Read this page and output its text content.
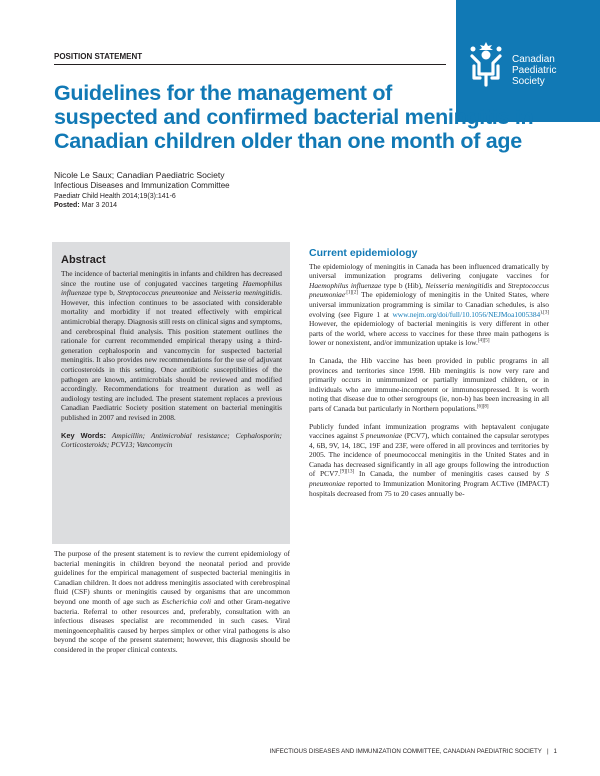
Canadian
Paediatric
Society
POSITION STATEMENT
Guidelines for the management of
suspected and confirmed bacterial meningitis in
Canadian children older than one month of age
Nicole Le Saux; Canadian Paediatric Society
Infectious Diseases and Immunization Committee
Paediatr Child Health 2014;19(3):141-6
Posted: Mar 3 2014
Abstract

The incidence of bacterial meningitis in infants and children has decreased since the routine use of conjugated vaccines targeting Haemophilus influenzae type b, Streptococcus pneumoniae and Neisseria meningitidis. However, this infection continues to be associated with considerable mortality and morbidity if not treated effectively with empirical antimicrobial therapy. Diagnosis still rests on clinical signs and symptoms, and cerebrospinal fluid analysis. This position statement outlines the rationale for current recommended empirical therapy using a third-generation cephalosporin and vancomycin for suspected bacterial meningitis. It also provides new recommendations for the use of adjuvant corticosteroids in this setting. Once antibiotic susceptibilities of the pathogen are known, antimicrobials should be reviewed and modified accordingly. Recommendations for treatment duration as well as audiology testing are included. The present statement replaces a previous Canadian Paediatric Society position statement on bacterial meningitis published in 2007 and revised in 2008.

Key Words: Ampicillin; Antimicrobial resistance; Cephalosporin; Corticosteroids; PCV13; Vancomycin

The purpose of the present statement is to review the current epidemiology of bacterial meningitis in children beyond the neonatal period and provide guidelines for the empirical management of suspected bacterial meningitis in Canadian children. It does not address meningitis associated with cerebrospinal fluid (CSF) shunts or meningitis caused by organisms that are uncommon beyond one month of age such as Escherichia coli and other Gram-negative bacteria. Referral to other resources and, preferably, consultation with an infectious diseases specialist are recommended in such cases. Viral meningoencephalitis caused by herpes simplex or other viral pathogens is also beyond the scope of the present statement; however, this diagnosis should be considered in the proper clinical contexts.
Current epidemiology

The epidemiology of meningitis in Canada has been influenced dramatically by universal immunization programs delivering conjugate vaccines for Haemophilus influenzae type b (Hib), Neisseria meningitidis and Streptococcus pneumoniae$^{.[1][2]}$ The epidemiology of meningitis in the United States, where universal immunization programming is similar to Canadian schedules, is also evolving (see Figure 1 at $www.nejm.org/doi/full/10.1056/NEJMoa1005384^{).[3]}$ However, the epidemiology of bacterial meningitis is very different in other parts of the world, where access to vaccines for these three main pathogens is lower or nonexistent, and/or immunization uptake is low.[4][5]

In Canada, the Hib vaccine has been provided in public programs in all provinces and territories since 1998. Hib meningitis is now very rare and primarily occurs in unimmunized or partially immunized children, or in individuals who are immune-incompetent or immunosuppressed. It is worth noting that disease due to other serogroups (ie, non-b) has been increasing in all parts of Canada but particularly in Northern populations.[6][8]

Publicly funded infant immunization programs with heptavalent conjugate vaccines against S pneumoniae (PCV7), which contained the capsular serotypes 4, 6B, 9V, 14, 18C, 19F and 23F, were offered in all provinces and territories by 2005. The incidence of pneumococcal meningitis in the United States and in Canada has decreased significantly in all age groups following the introduction of PCV7.[9][13] In Canada, the number of meningitis cases caused by S pneumoniae reported to Immunization Monitoring Program ACTive (IMPACT) hospitals decreased from 75 to 20 cases annually be-

INFECTIOUS DISEASES AND IMMUNIZATION COMMITTEE, CANADIAN PAEDIATRIC SOCIETY | 1
